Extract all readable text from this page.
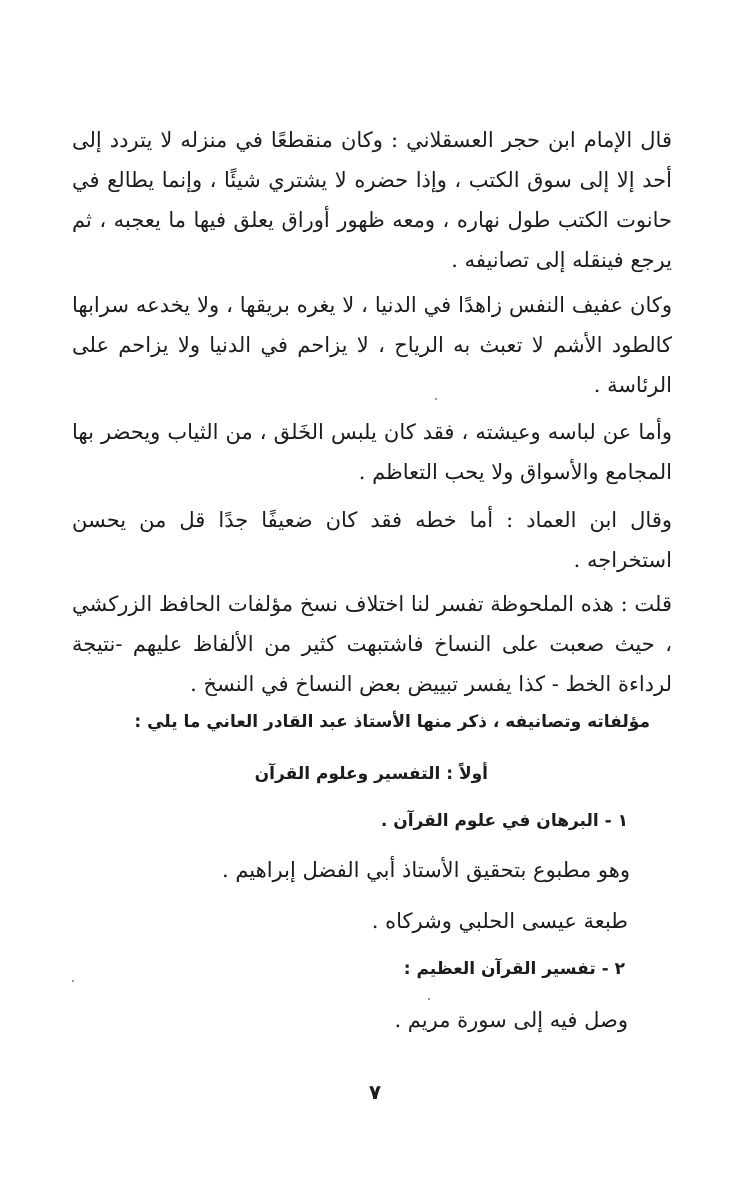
قال الإمام ابن حجر العسقلاني : وكان منقطعًا في منزله لا يتردد إلى أحد إلا إلى سوق الكتب ، وإذا حضره لا يشتري شيئًا ، وإنما يطالع في حانوت الكتب طول نهاره ، ومعه ظهور أوراق يعلق فيها ما يعجبه ، ثم يرجع فينقله إلى تصانيفه .

وكان عفيف النفس زاهدًا في الدنيا ، لا يغره بريقها ، ولا يخدعه سرابها كالطود الأشم لا تعبث به الرياح ، لا يزاحم في الدنيا ولا يزاحم على الرئاسة .

وأما عن لباسه وعيشته ، فقد كان يلبس الخَلق ، من الثياب ويحضر بها المجامع والأسواق ولا يحب التعاظم .

وقال ابن العماد : أما خطه فقد كان ضعيفًا جدًا قل من يحسن استخراجه .

قلت : هذه الملحوظة تفسر لنا اختلاف نسخ مؤلفات الحافظ الزركشي ، حيث صعبت على النساخ فاشتبهت كثير من الألفاظ عليهم -نتيجة لرداءة الخط - كذا يفسر تبييض بعض النساخ في النسخ .

مؤلفاته وتصانيفه ، ذكر منها الأستاذ عبد القادر العاني ما يلي :
أولاً : التفسير وعلوم القرآن
١ - البرهان في علوم القرآن .
وهو مطبوع بتحقيق الأستاذ أبي الفضل إبراهيم .
طبعة عيسى الحلبي وشركاه .
٢ - تفسير القرآن العظيم :
وصل فيه إلى سورة مريم .
٧
